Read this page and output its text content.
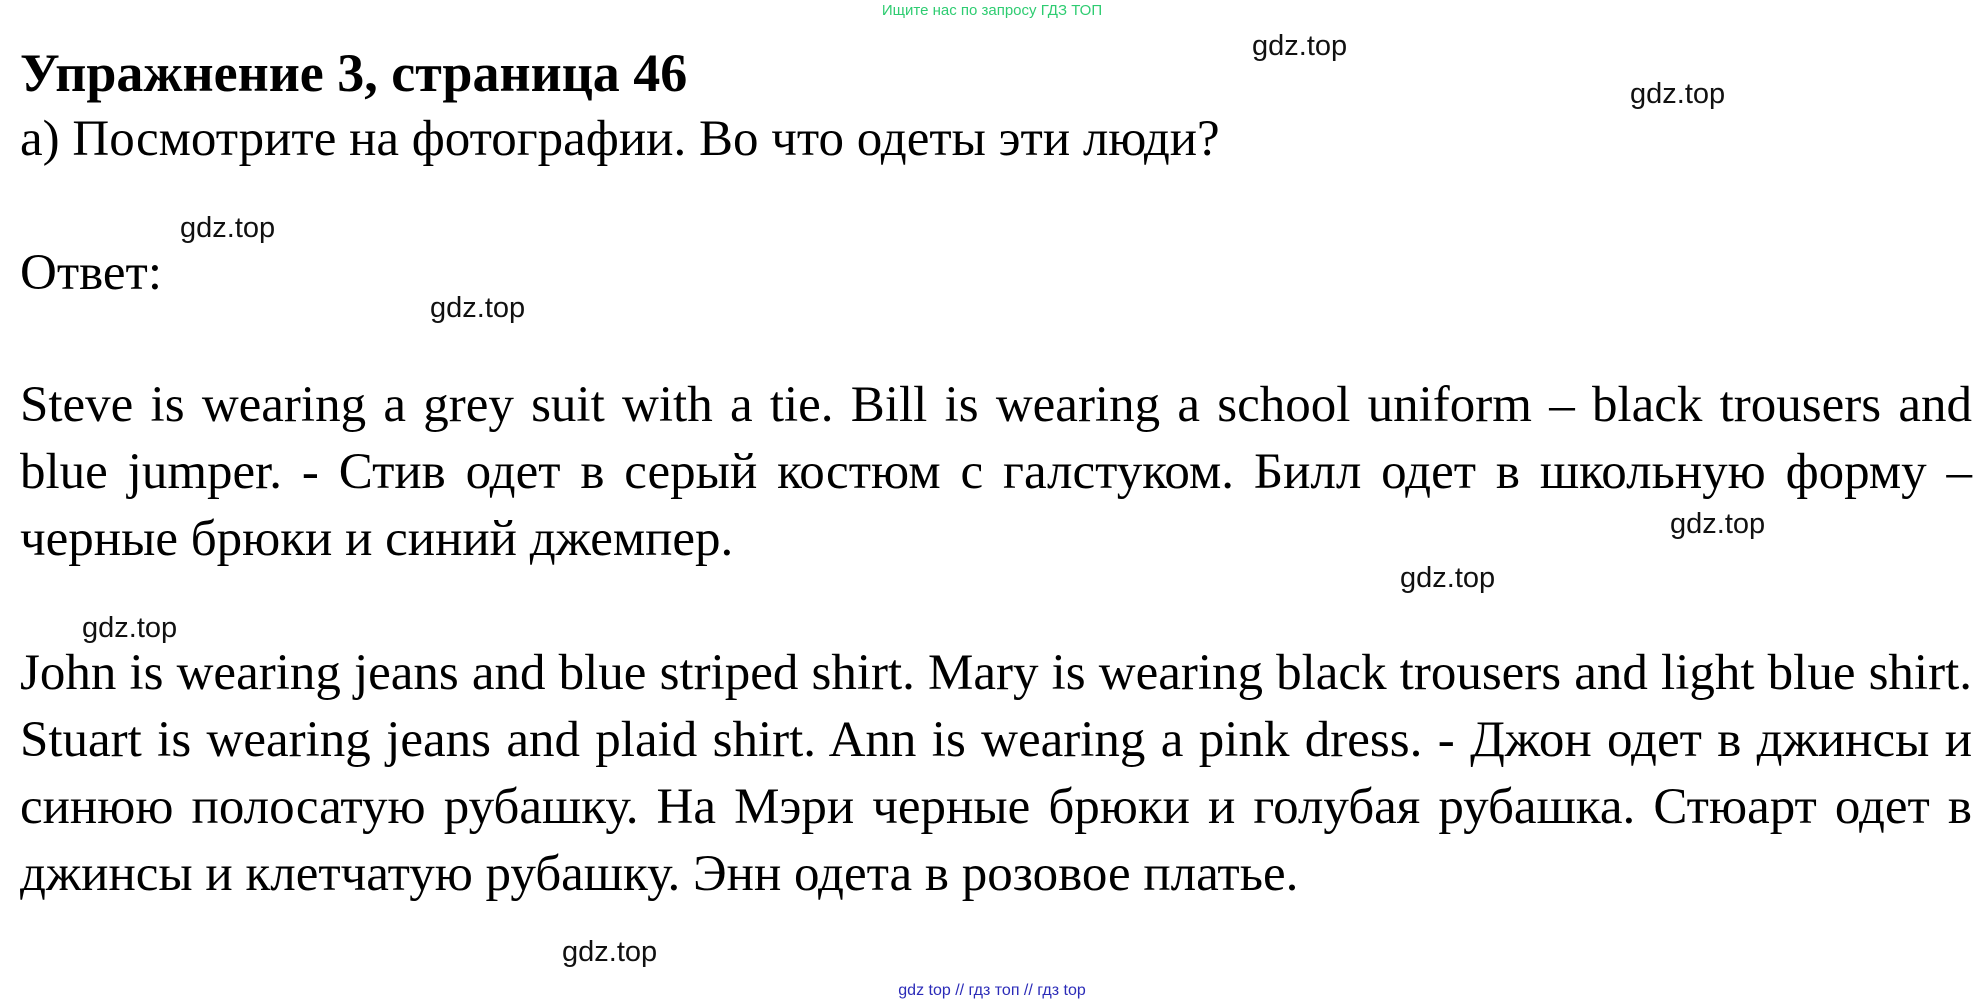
Ищите нас по запросу ГДЗ ТОП
Упражнение 3, страница 46
а) Посмотрите на фотографии. Во что одеты эти люди?
Ответ:

Steve is wearing a grey suit with a tie. Bill is wearing a school uniform – black trousers and blue jumper. - Стив одет в серый костюм с галстуком. Билл одет в школьную форму – черные брюки и синий джемпер.

John is wearing jeans and blue striped shirt. Mary is wearing black trousers and light blue shirt. Stuart is wearing jeans and plaid shirt. Ann is wearing a pink dress. - Джон одет в джинсы и синюю полосатую рубашку. На Мэри черные брюки и голубая рубашка. Стюарт одет в джинсы и клетчатую рубашку. Энн одета в розовое платье.

gdz.top
gdz.top
gdz.top
gdz.top
gdz.top
gdz.top
gdz.top
gdz.top
gdz top // гдз топ // гдз top
